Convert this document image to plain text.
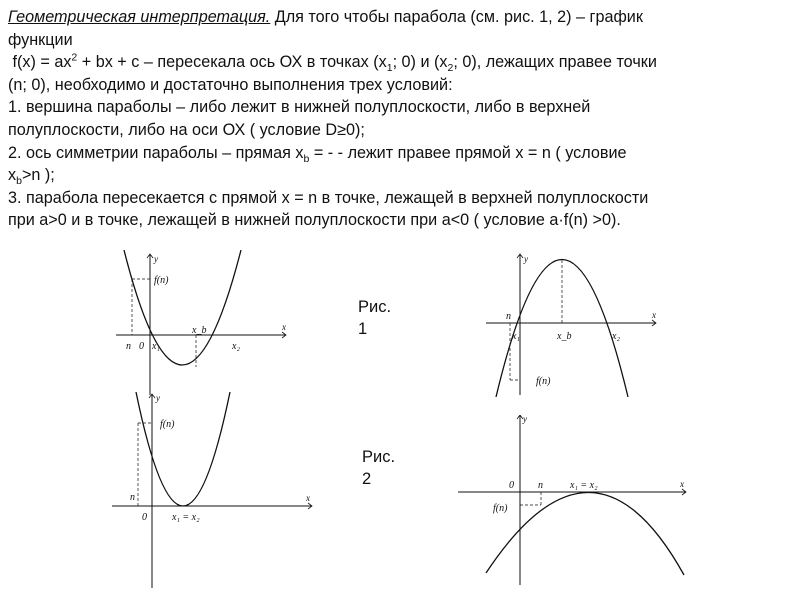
Геометрическая интерпретация. Для того чтобы парабола (см. рис. 1, 2) – график

функции

$f(x) = ax^2$ + bx + c – пересекала ось ОХ в точках ($x_1$; 0) и ($x_2$; 0), лежащих правее точки

(n; 0), необходимо и достаточно выполнения трех условий:

1. вершина параболы – либо лежит в нижней полуплоскости, либо в верхней

полуплоскости, либо на оси ОХ ( условие D≥0);

2. ось симметрии параболы – прямая $x_b$ = - - лежит правее прямой x = n ( условие

$x_b>n$ );

3. парабола пересекается с прямой x = n в точке, лежащей в верхней полуплоскости

при a>0 и в точке, лежащей в нижней полуплоскости при a<0 ( условие a·f(n) >0).

y
x
f(n)
n 0 x₁
x_b
x₂
y
x
n
x₁	x_b	x₂
f(n)
y
x
f(n)
n
0	x₁ = x₂
y
x
0 n	x₁ = x₂
f(n)
Рис. 1
Рис. 2
